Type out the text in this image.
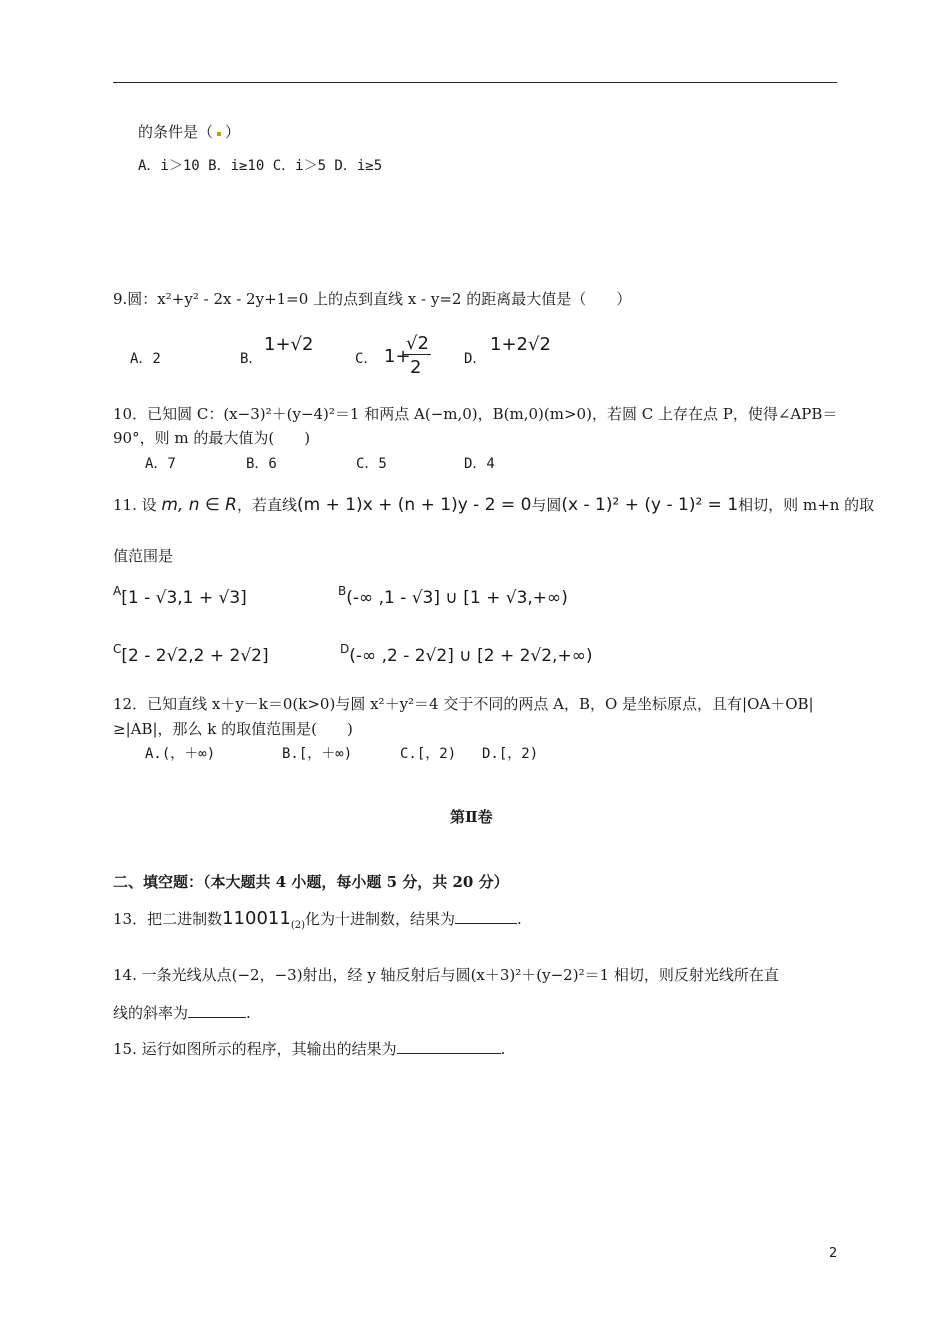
的条件是（ ）
A．i＞10 B．i≥10 C．i＞5 D．i≥5
9.圆：x²+y² - 2x - 2y+1=0 上的点到直线 x - y=2 的距离最大值是（　　）
A．2	B．
1+√2
C． 1+
√2
2	D．
1+2√2
10．已知圆 C：(x−3)²＋(y−4)²＝1 和两点 A(−m,0)，B(m,0)(m>0)，若圆 C 上存在点 P，使得∠APB＝
90°，则 m 的最大值为(　　)
A．7	B．6	C．5	D．4
11. 设 m, n ∈ R，若直线(m + 1)x + (n + 1)y - 2 = 0与圆(x - 1)² + (y - 1)² = 1相切，则 m+n 的取
值范围是
$^A$[1 - √3,1 + √3]	$^B$(-∞ ,1 - √3] ∪ [1 + √3,+∞)
$^C$[2 - 2√2,2 + 2√2]	$^D$(-∞ ,2 - 2√2] ∪ [2 + 2√2,+∞)
12．已知直线 x＋y－k＝0(k>0)与圆 x²＋y²＝4 交于不同的两点 A，B，O 是坐标原点，且有|OA＋OB|
≥|AB|，那么 k 的取值范围是(　　)
A.(，＋∞)	B.[，＋∞)	C.[，2) D.[，2)
第Ⅱ卷
二、填空题：（本大题共 4 小题，每小题 5 分，共 20 分）
13．把二进制数$110011_{(2)}$化为十进制数，结果为	.
14. 一条光线从点(−2，−3)射出，经 y 轴反射后与圆(x＋3)²＋(y−2)²＝1 相切，则反射光线所在直
线的斜率为	.
15. 运行如图所示的程序，其输出的结果为	.
2
